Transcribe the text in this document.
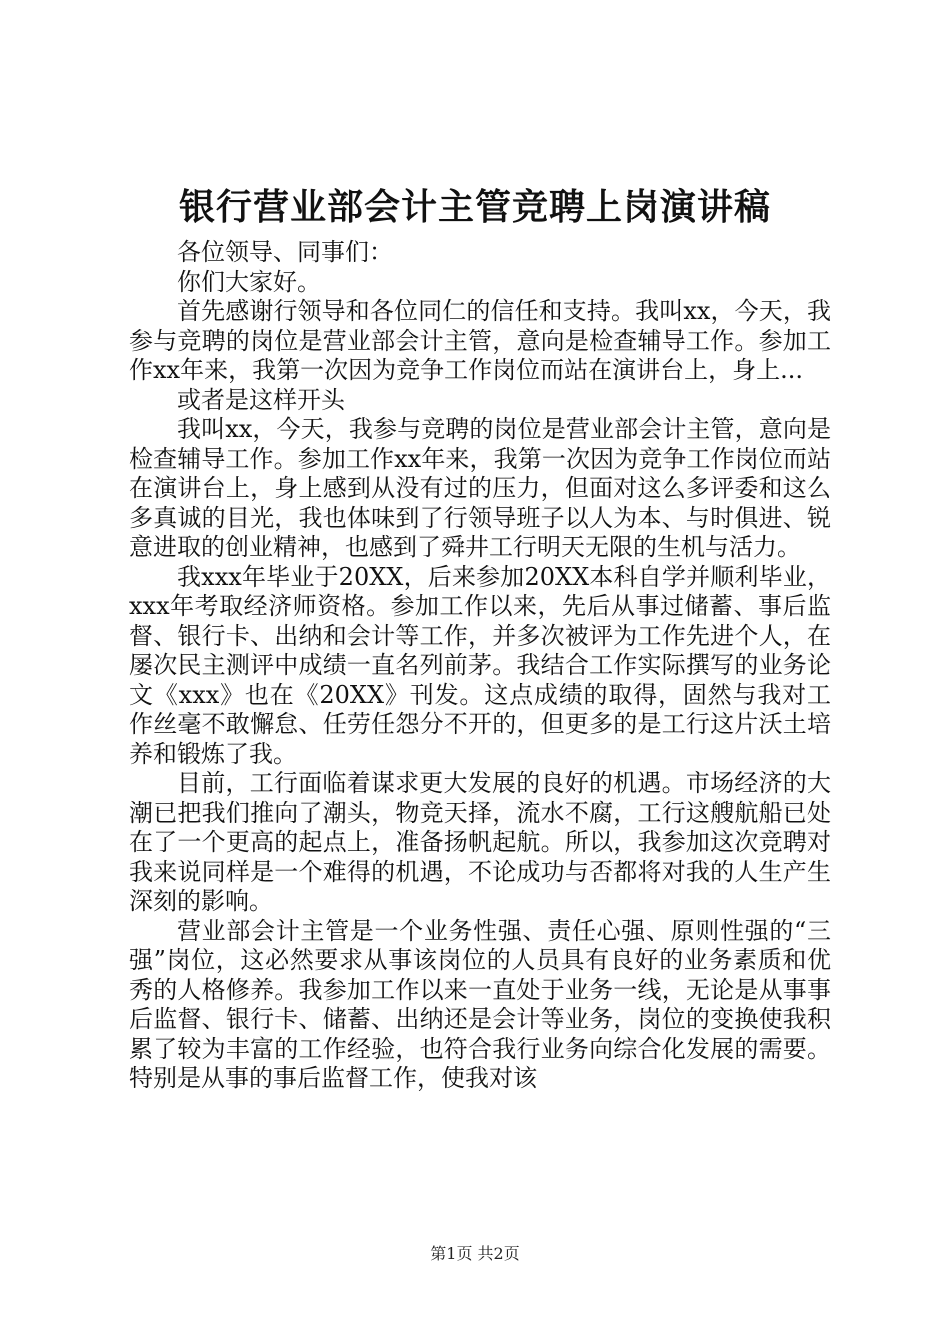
银行营业部会计主管竞聘上岗演讲稿

各位领导、同事们：

你们大家好。

首先感谢行领导和各位同仁的信任和支持。我叫xx，今天，我参与竞聘的岗位是营业部会计主管，意向是检查辅导工作。参加工作xx年来，我第一次因为竞争工作岗位而站在演讲台上，身上...

或者是这样开头

我叫xx，今天，我参与竞聘的岗位是营业部会计主管，意向是检查辅导工作。参加工作xx年来，我第一次因为竞争工作岗位而站在演讲台上，身上感到从没有过的压力，但面对这么多评委和这么多真诚的目光，我也体味到了行领导班子以人为本、与时俱进、锐意进取的创业精神，也感到了舜井工行明天无限的生机与活力。

我xxx年毕业于20XX，后来参加20XX本科自学并顺利毕业，xxx年考取经济师资格。参加工作以来，先后从事过储蓄、事后监督、银行卡、出纳和会计等工作，并多次被评为工作先进个人，在屡次民主测评中成绩一直名列前茅。我结合工作实际撰写的业务论文《xxx》也在《20XX》刊发。这点成绩的取得，固然与我对工作丝毫不敢懈怠、任劳任怨分不开的，但更多的是工行这片沃土培养和锻炼了我。

目前，工行面临着谋求更大发展的良好的机遇。市场经济的大潮已把我们推向了潮头，物竞天择，流水不腐，工行这艘航船已处在了一个更高的起点上，准备扬帆起航。所以，我参加这次竞聘对我来说同样是一个难得的机遇，不论成功与否都将对我的人生产生深刻的影响。

营业部会计主管是一个业务性强、责任心强、原则性强的“三强”岗位，这必然要求从事该岗位的人员具有良好的业务素质和优秀的人格修养。我参加工作以来一直处于业务一线，无论是从事事后监督、银行卡、储蓄、出纳还是会计等业务，岗位的变换使我积累了较为丰富的工作经验，也符合我行业务向综合化发展的需要。特别是从事的事后监督工作，使我对该

第1页 共2页
